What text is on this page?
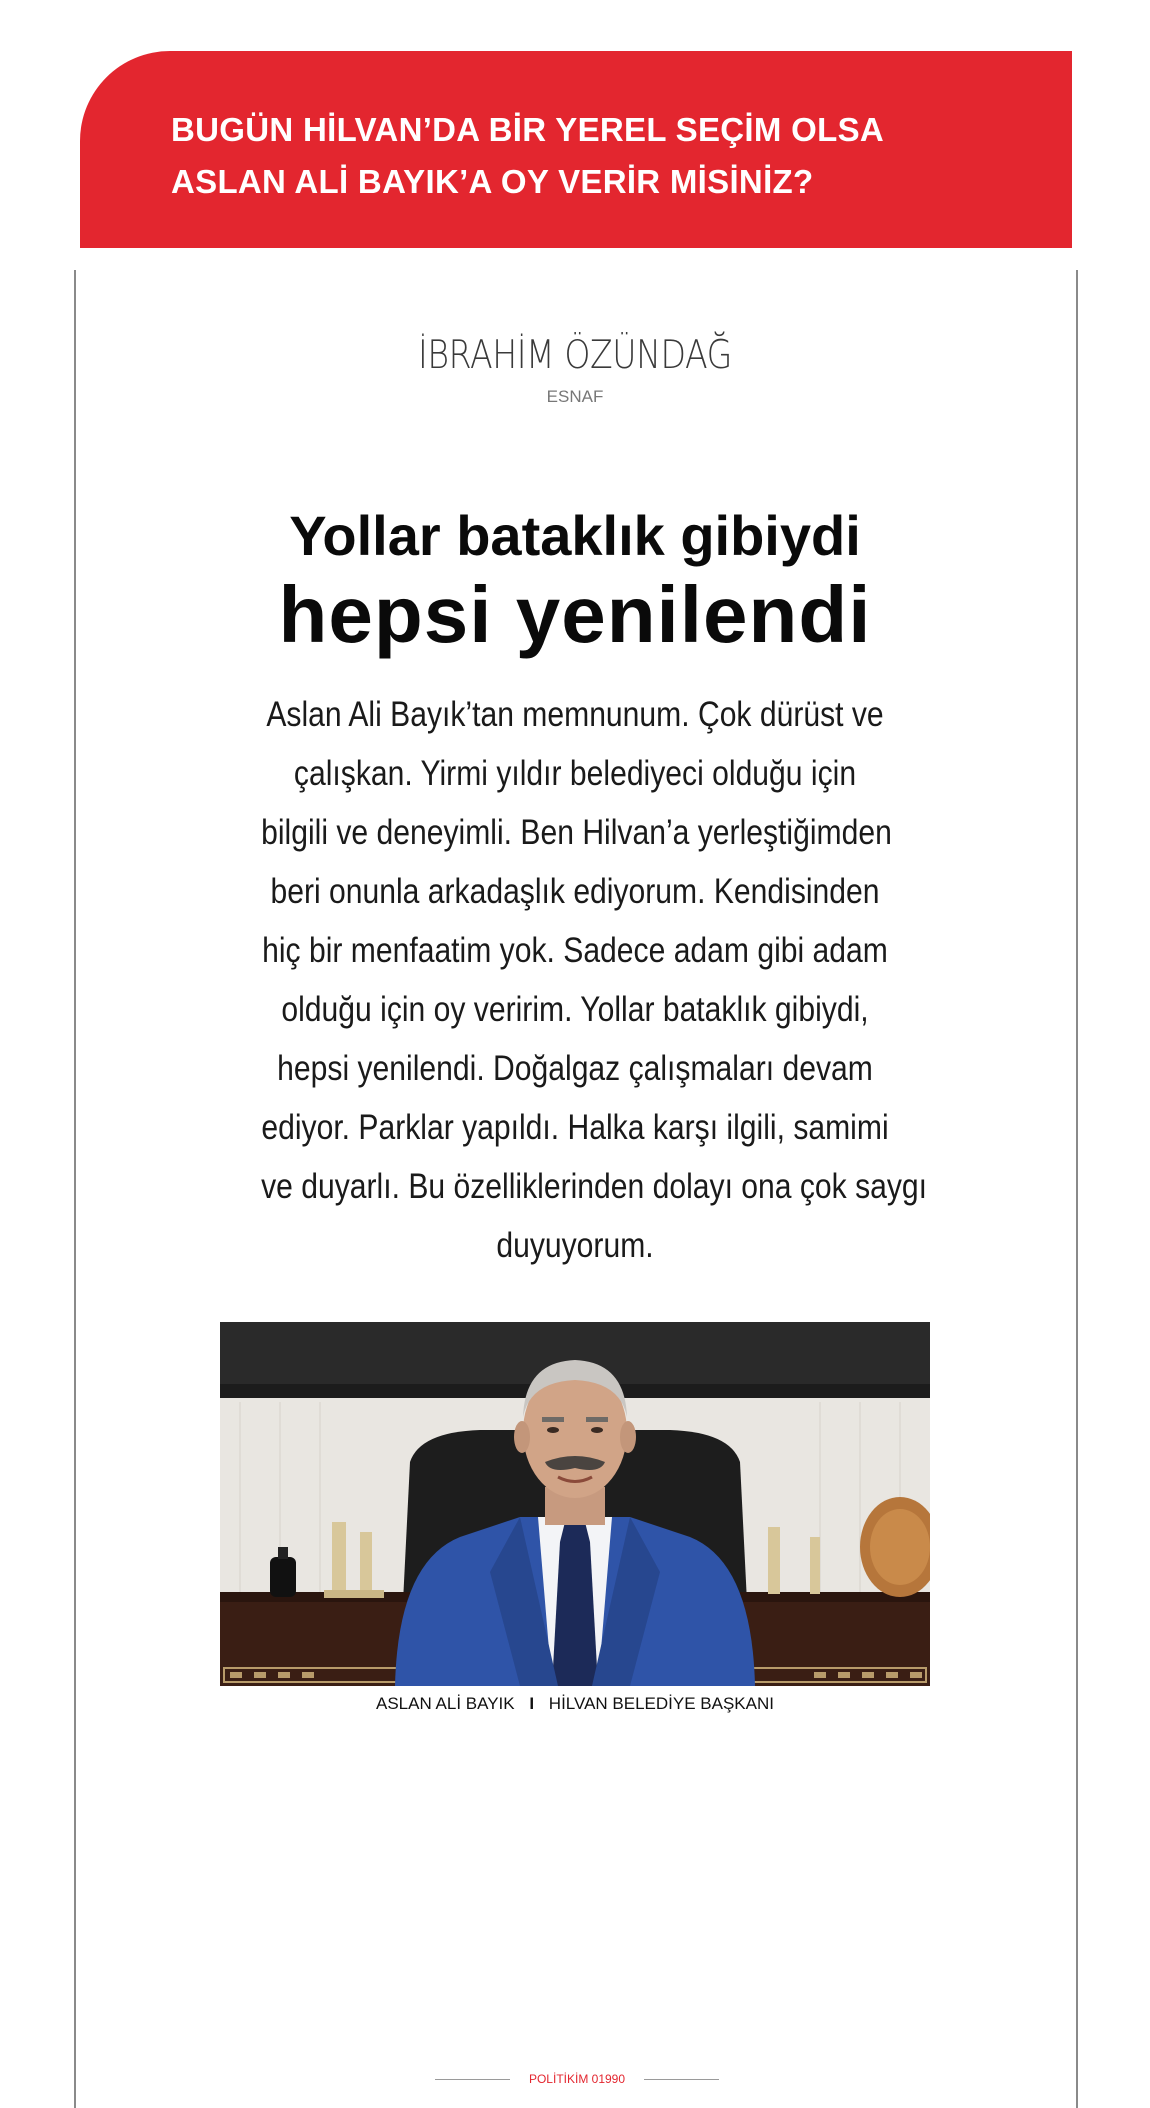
BUGÜN HİLVAN’DA BİR YEREL SEÇİM OLSA
ASLAN ALİ BAYIK’A OY VERİR MİSİNİZ?
İBRAHİM ÖZÜNDAĞ
ESNAF
Yollar bataklık gibiydi
hepsi yenilendi
Aslan Ali Bayık’tan memnunum. Çok dürüst ve
çalışkan. Yirmi yıldır belediyeci olduğu için
bilgili ve deneyimli. Ben Hilvan’a yerleştiğimden
beri onunla arkadaşlık ediyorum. Kendisinden
hiç bir menfaatim yok. Sadece adam gibi adam
olduğu için oy veririm. Yollar bataklık gibiydi,
hepsi yenilendi. Doğalgaz çalışmaları devam
ediyor. Parklar yapıldı. Halka karşı ilgili, samimi
ve duyarlı. Bu özelliklerinden dolayı ona çok saygı
duyuyorum.
ASLAN ALİ BAYIK I HİLVAN BELEDİYE BAŞKANI
POLİTİKİM 01990
